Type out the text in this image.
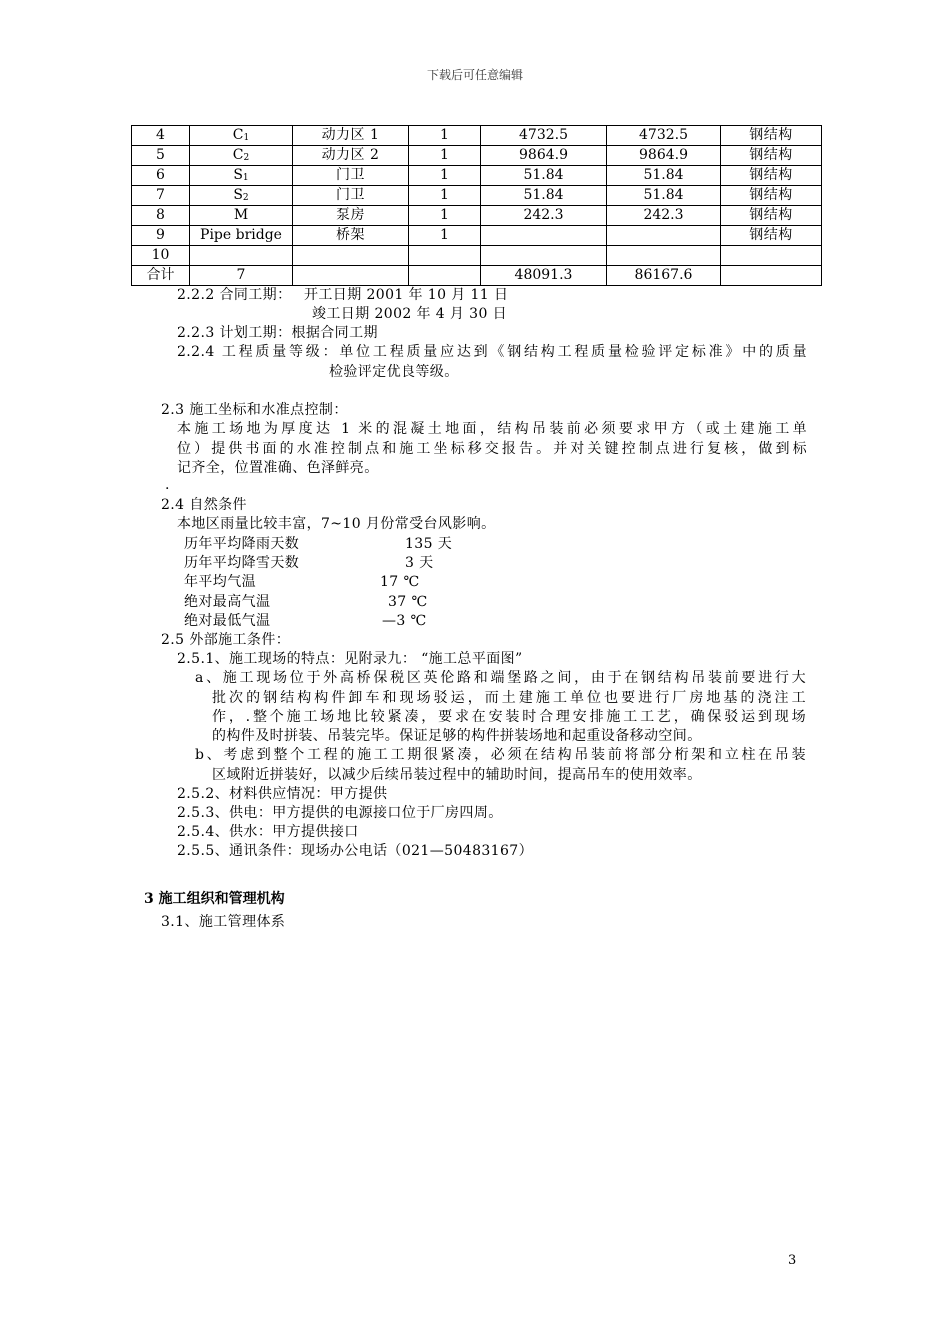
下载后可任意编辑
4	$C_1$	动力区 1	1	4732.5	4732.5	钢结构
5	$C_2$	动力区 2	1	9864.9	9864.9	钢结构
6	$S_1$	门卫	1	51.84	51.84	钢结构
7	$S_2$	门卫	1	51.84	51.84	钢结构
8	M	泵房	1	242.3	242.3	钢结构
9	Pipe bridge	桥架	1			钢结构
10						
合计	7			48091.3	86167.6	
2.2.2 合同工期： 开工日期 2001 年 10 月 11 日
竣工日期 2002 年 4 月 30 日
2.2.3 计划工期：根据合同工期
2.2.4 工程质量等级：单位工程质量应达到《钢结构工程质量检验评定标准》中的质量
检验评定优良等级。
2.3 施工坐标和水准点控制：
本施工场地为厚度达 1 米的混凝土地面，结构吊装前必须要求甲方（或土建施工单
位）提供书面的水准控制点和施工坐标移交报告。并对关键控制点进行复核，做到标
记齐全，位置准确、色泽鲜亮。
.
2.4 自然条件
本地区雨量比较丰富，7~10 月份常受台风影响。
历年平均降雨天数	135 天
历年平均降雪天数	3 天
年平均气温	17 ℃
绝对最高气温	37 ℃
绝对最低气温	—3 ℃
2.5 外部施工条件：
2.5.1、施工现场的特点：见附录九： “施工总平面图”
a、施工现场位于外高桥保税区英伦路和端堡路之间，由于在钢结构吊装前要进行大
批次的钢结构构件卸车和现场驳运，而土建施工单位也要进行厂房地基的浇注工
作，.整个施工场地比较紧凑，要求在安装时合理安排施工工艺，确保驳运到现场
的构件及时拼装、吊装完毕。保证足够的构件拼装场地和起重设备移动空间。
b、考虑到整个工程的施工工期很紧凑，必须在结构吊装前将部分桁架和立柱在吊装
区域附近拼装好，以减少后续吊装过程中的辅助时间，提高吊车的使用效率。
2.5.2、材料供应情况：甲方提供
2.5.3、供电：甲方提供的电源接口位于厂房四周。
2.5.4、供水：甲方提供接口
2.5.5、通讯条件：现场办公电话（021—50483167）
3 施工组织和管理机构
3.1、施工管理体系
3
